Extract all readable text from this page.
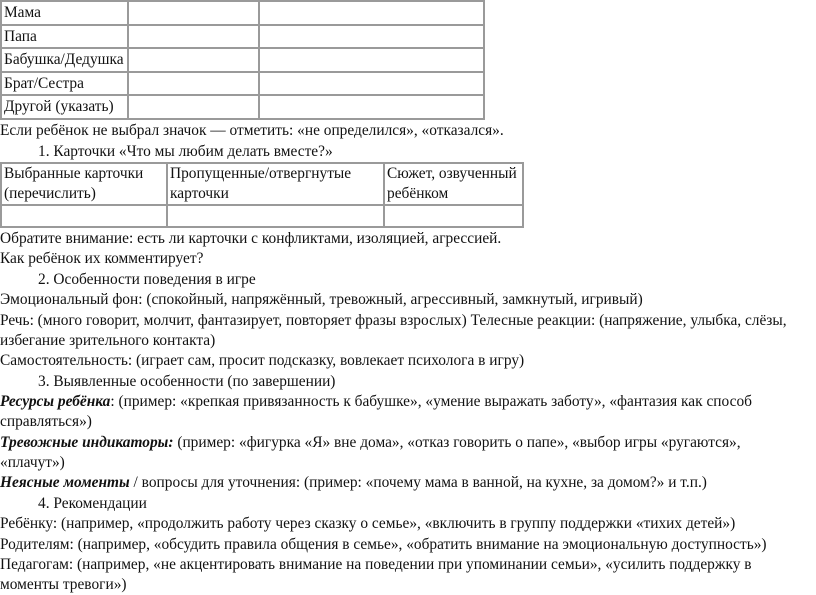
Мама		
Папа		
Бабушка/Дедушка		
Брат/Сестра		
Другой (указать)		
Если ребёнок не выбрал значок — отметить: «не определился», «отказался».
1. Карточки «Что мы любим делать вместе?»
Выбранные карточки (перечислить)	Пропущенные/отвергнутые карточки	Сюжет, озвученный ребёнком

Обратите внимание: есть ли карточки с конфликтами, изоляцией, агрессией.
Как ребёнок их комментирует?
2. Особенности поведения в игре
Эмоциональный фон: (спокойный, напряжённый, тревожный, агрессивный, замкнутый, игривый)
Речь: (много говорит, молчит, фантазирует, повторяет фразы взрослых) Телесные реакции: (напряжение, улыбка, слёзы,
избегание зрительного контакта)
Самостоятельность: (играет сам, просит подсказку, вовлекает психолога в игру)
3. Выявленные особенности (по завершении)
Ресурсы ребёнка: (пример: «крепкая привязанность к бабушке», «умение выражать заботу», «фантазия как способ
справляться»)
Тревожные индикаторы: (пример: «фигурка «Я» вне дома», «отказ говорить о папе», «выбор игры «ругаются»,
«плачут»)
Неясные моменты / вопросы для уточнения: (пример: «почему мама в ванной, на кухне, за домом?» и т.п.)
4. Рекомендации
Ребёнку: (например, «продолжить работу через сказку о семье», «включить в группу поддержки «тихих детей»)
Родителям: (например, «обсудить правила общения в семье», «обратить внимание на эмоциональную доступность»)
Педагогам: (например, «не акцентировать внимание на поведении при упоминании семьи», «усилить поддержку в
моменты тревоги»)
